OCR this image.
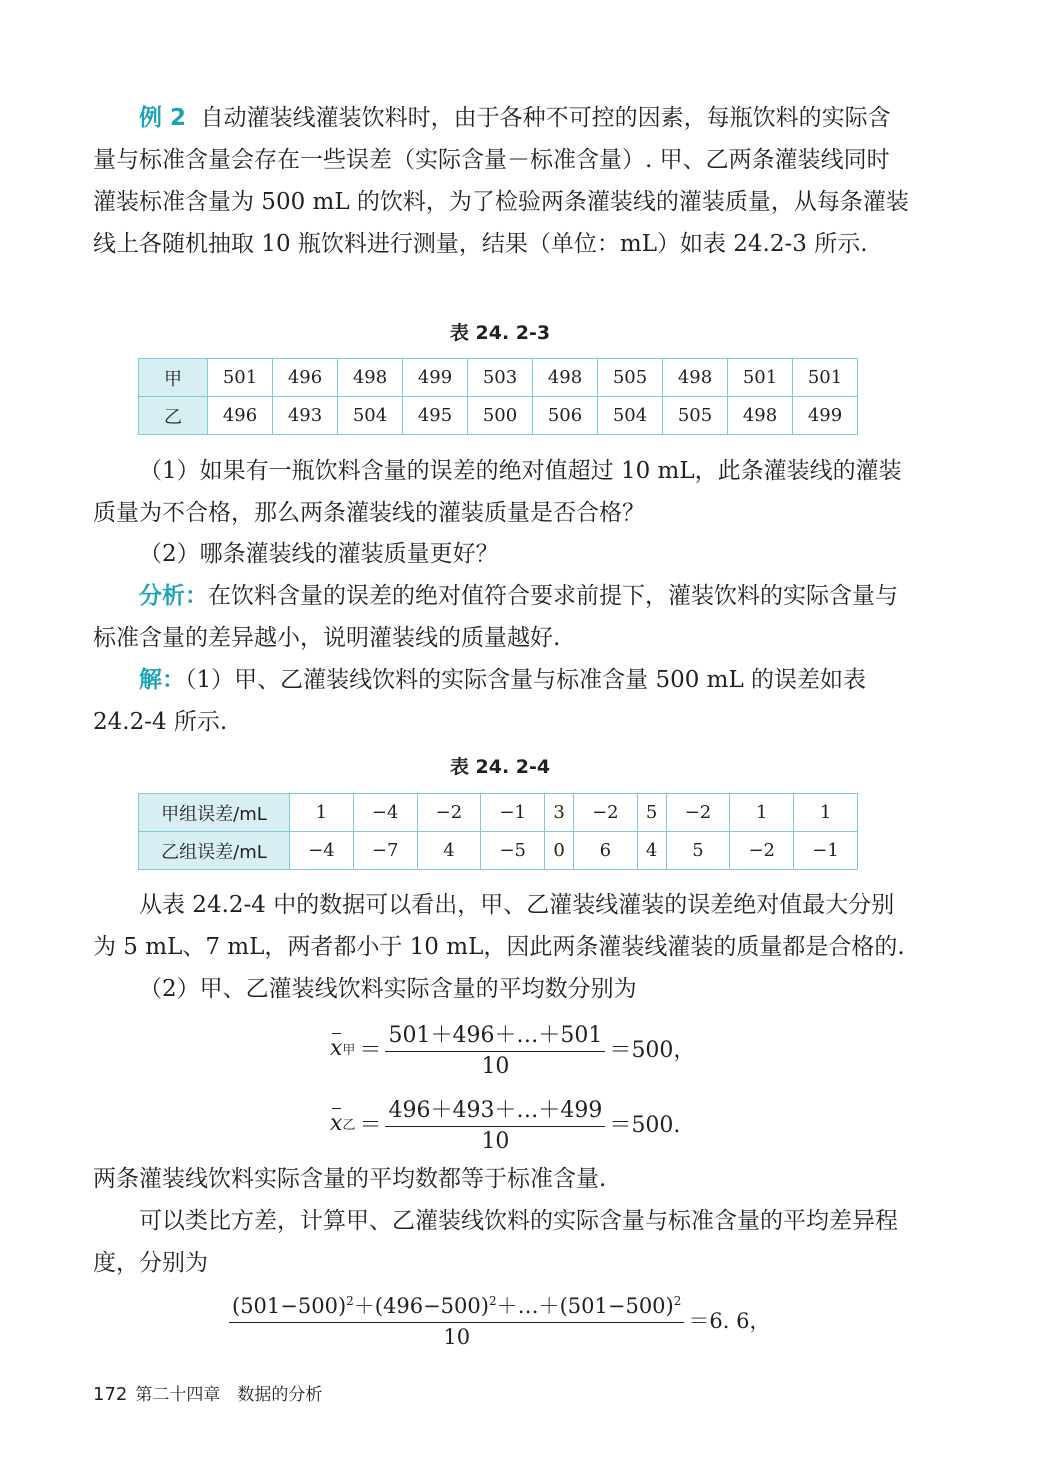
例 2 自动灌装线灌装饮料时，由于各种不可控的因素，每瓶饮料的实际含量与标准含量会存在一些误差（实际含量－标准含量）. 甲、乙两条灌装线同时灌装标准含量为 500 mL 的饮料，为了检验两条灌装线的灌装质量，从每条灌装线上各随机抽取 10 瓶饮料进行测量，结果（单位：mL）如表 24.2-3 所示.
表 24. 2-3
甲	501	496	498	499	503	498	505	498	501	501
乙	496	493	504	495	500	506	504	505	498	499
（1）如果有一瓶饮料含量的误差的绝对值超过 10 mL，此条灌装线的灌装质量为不合格，那么两条灌装线的灌装质量是否合格？
（2）哪条灌装线的灌装质量更好？
分析：在饮料含量的误差的绝对值符合要求前提下，灌装饮料的实际含量与标准含量的差异越小，说明灌装线的质量越好.
解：（1）甲、乙灌装线饮料的实际含量与标准含量 500 mL 的误差如表 24.2-4 所示.
表 24. 2-4
甲组误差/mL	1	−4	−2	−1	3	−2	5	−2	1	1
乙组误差/mL	−4	−7	4	−5	0	6	4	5	−2	−1
从表 24.2-4 中的数据可以看出，甲、乙灌装线灌装的误差绝对值最大分别为 5 mL、7 mL，两者都小于 10 mL，因此两条灌装线灌装的质量都是合格的.
（2）甲、乙灌装线饮料实际含量的平均数分别为
x 甲 ＝ $\frac{501+496+\dots+501}{10} =500$，
x 乙 ＝ $\frac{496+493+\dots+499}{10} =500$.
两条灌装线饮料实际含量的平均数都等于标准含量.
可以类比方差，计算甲、乙灌装线饮料的实际含量与标准含量的平均差异程度，分别为
$\frac{(501-500)^2+(496-500)^2+\dots+(501-500)^2}{10} =6$. 6，
172 第二十四章　数据的分析
